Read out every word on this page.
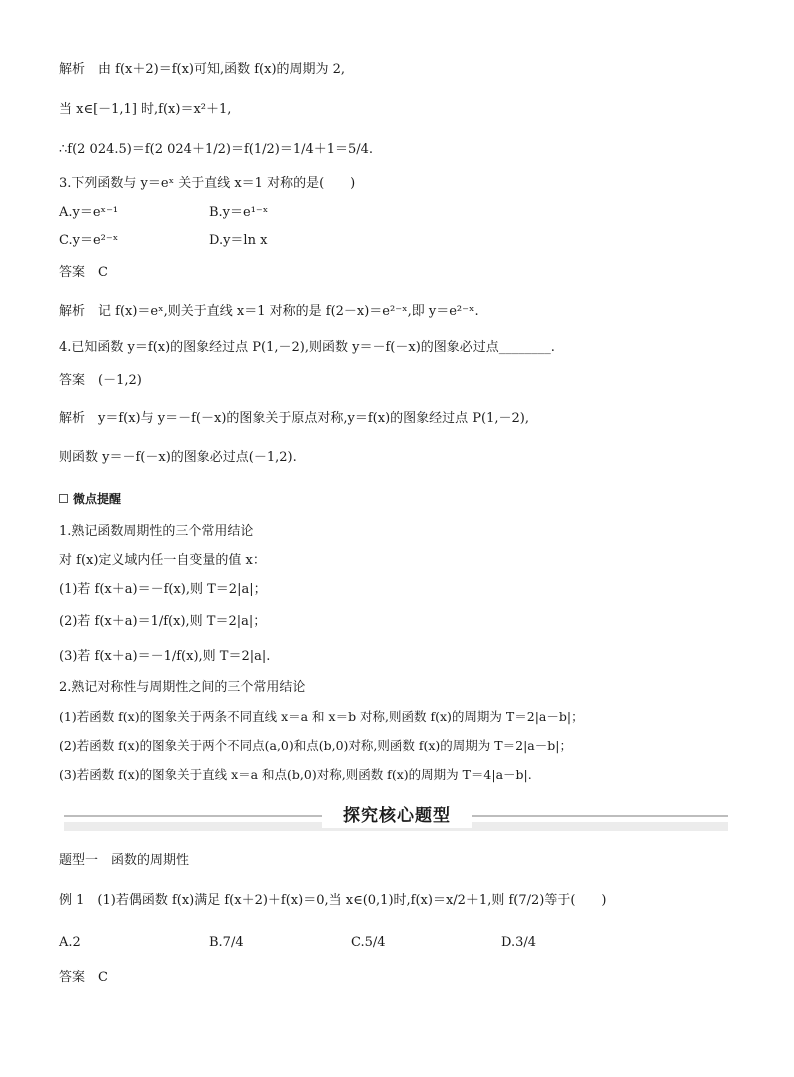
解析　由 f(x＋2)＝f(x)可知,函数 f(x)的周期为 2,
当 x∈[－1,1] 时,f(x)＝x²＋1,
∴f(2 024.5)＝f(2 024＋1/2)＝f(1/2)＝1/4＋1＝5/4.
3.下列函数与 y＝eˣ 关于直线 x＝1 对称的是(　　)
A.y＝eˣ⁻¹	B.y＝e¹⁻ˣ
C.y＝e²⁻ˣ	D.y＝ln x
答案　C
解析　记 f(x)＝eˣ,则关于直线 x＝1 对称的是 f(2－x)＝e²⁻ˣ,即 y＝e²⁻ˣ.
4.已知函数 y＝f(x)的图象经过点 P(1,－2),则函数 y＝－f(－x)的图象必过点________.
答案　(－1,2)
解析　y＝f(x)与 y＝－f(－x)的图象关于原点对称,y＝f(x)的图象经过点 P(1,－2),
则函数 y＝－f(－x)的图象必过点(－1,2).
微点提醒
1.熟记函数周期性的三个常用结论
对 f(x)定义域内任一自变量的值 x：
(1)若 f(x＋a)＝－f(x),则 T＝2|a|；
(2)若 f(x＋a)＝1/f(x),则 T＝2|a|；
(3)若 f(x＋a)＝－1/f(x),则 T＝2|a|.
2.熟记对称性与周期性之间的三个常用结论
(1)若函数 f(x)的图象关于两条不同直线 x＝a 和 x＝b 对称,则函数 f(x)的周期为 T＝2|a－b|；
(2)若函数 f(x)的图象关于两个不同点(a,0)和点(b,0)对称,则函数 f(x)的周期为 T＝2|a－b|；
(3)若函数 f(x)的图象关于直线 x＝a 和点(b,0)对称,则函数 f(x)的周期为 T＝4|a－b|.
探究核心题型
题型一　函数的周期性
例 1　(1)若偶函数 f(x)满足 f(x＋2)＋f(x)＝0,当 x∈(0,1)时,f(x)＝x/2＋1,则 f(7/2)等于(　　)
A.2	B.7/4	C.5/4	D.3/4
答案　C
